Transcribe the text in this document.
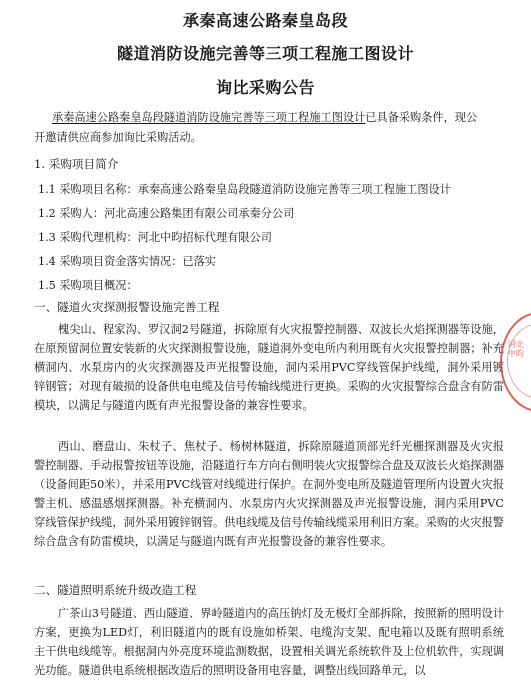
承秦高速公路秦皇岛段
隧道消防设施完善等三项工程施工图设计
询比采购公告
承秦高速公路秦皇岛段隧道消防设施完善等三项工程施工图设计已具备采购条件，现公
开邀请供应商参加询比采购活动。
1. 采购项目简介
1.1 采购项目名称：承秦高速公路秦皇岛段隧道消防设施完善等三项工程施工图设计
1.2 采购人：河北高速公路集团有限公司承秦分公司
1.3 采购代理机构：河北中昀招标代理有限公司
1.4 采购项目资金落实情况：已落实
1.5 采购项目概况：
一、隧道火灾探测报警设施完善工程
槐尖山、程家沟、罗汉洞2号隧道，拆除原有火灾报警控制器、双波长火焰探测器等设施，在原预留洞位置安装新的火灾探测报警设施，隧道洞外变电所内利用既有火灾报警控制器；补充横洞内、水泵房内的火灾探测器及声光报警设施，洞内采用PVC穿线管保护线缆，洞外采用镀锌钢管；对现有破损的设备供电电缆及信号传输线缆进行更换。采购的火灾报警综合盘含有防雷模块，以满足与隧道内既有声光报警设备的兼容性要求。
西山、磨盘山、朱杖子、焦杖子、杨树林隧道，拆除原隧道顶部光纤光栅探测器及火灾报警控制器、手动报警按钮等设施，沿隧道行车方向右侧明装火灾报警综合盘及双波长火焰探测器（设备间距50米），并采用PVC线管对线缆进行保护。在洞外变电所及隧道管理所内设置火灾报警主机、感温感烟探测器。补充横洞内、水泵房内火灾探测器及声光报警设施，洞内采用PVC穿线管保护线缆，洞外采用镀锌钢管。供电线缆及信号传输线缆采用利旧方案。采购的火灾报警综合盘含有防雷模块，以满足与隧道内既有声光报警设备的兼容性要求。
二、隧道照明系统升级改造工程
广茶山3号隧道、西山隧道、界岭隧道内的高压钠灯及无极灯全部拆除，按照新的照明设计方案，更换为LED灯，利旧隧道内的既有设施如桥架、电缆沟支架、配电箱以及既有照明系统主干供电线缆等。根据洞内外亮度环境监测数据，设置相关调光系统软件及上位机软件，实现调光功能。隧道供电系统根据改造后的照明设备用电容量，调整出线回路单元，以
河北中昀
